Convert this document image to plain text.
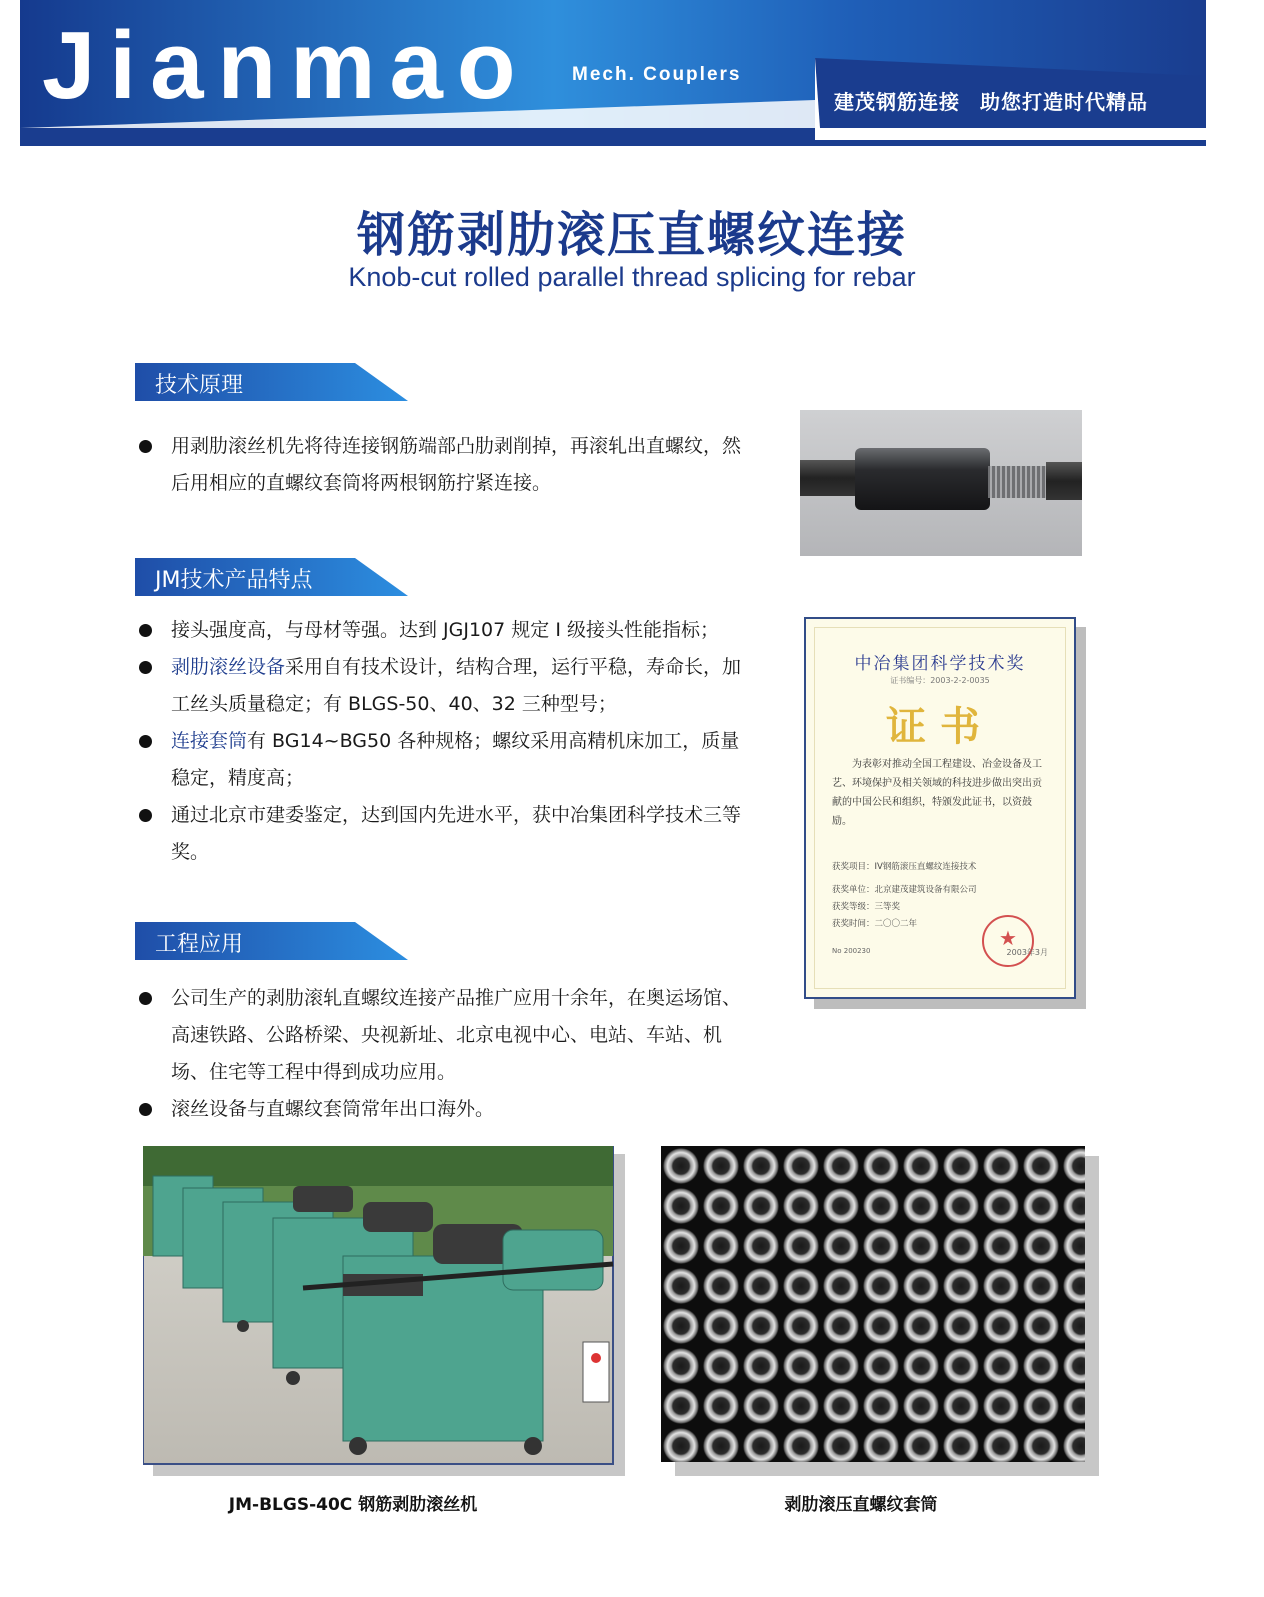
Jianmao Mech. Couplers
建茂钢筋连接 助您打造时代精品
钢筋剥肋滚压直螺纹连接
Knob-cut rolled parallel thread splicing for rebar
技术原理
用剥肋滚丝机先将待连接钢筋端部凸肋剥削掉，再滚轧出直螺纹，然后用相应的直螺纹套筒将两根钢筋拧紧连接。
JM技术产品特点
接头强度高，与母材等强。达到 JGJ107 规定 I 级接头性能指标；
剥肋滚丝设备采用自有技术设计，结构合理，运行平稳，寿命长，加工丝头质量稳定；有 BLGS-50、40、32 三种型号；
连接套筒有 BG14~BG50 各种规格；螺纹采用高精机床加工，质量稳定，精度高；
通过北京市建委鉴定，达到国内先进水平，获中冶集团科学技术三等奖。
中冶集团科学技术奖
证书编号：2003-2-2-0035
证书
为表彰对推动全国工程建设、冶金设备及工艺、环境保护及相关领域的科技进步做出突出贡献的中国公民和组织，特颁发此证书，以资鼓励。
获奖项目：IV钢筋滚压直螺纹连接技术
获奖单位：北京建茂建筑设备有限公司
获奖等级：三等奖
获奖时间：二〇〇二年
★
No 200230	2003年3月
工程应用
公司生产的剥肋滚轧直螺纹连接产品推广应用十余年，在奥运场馆、高速铁路、公路桥梁、央视新址、北京电视中心、电站、车站、机场、住宅等工程中得到成功应用。
滚丝设备与直螺纹套筒常年出口海外。
JM-BLGS-40C 钢筋剥肋滚丝机	剥肋滚压直螺纹套筒
